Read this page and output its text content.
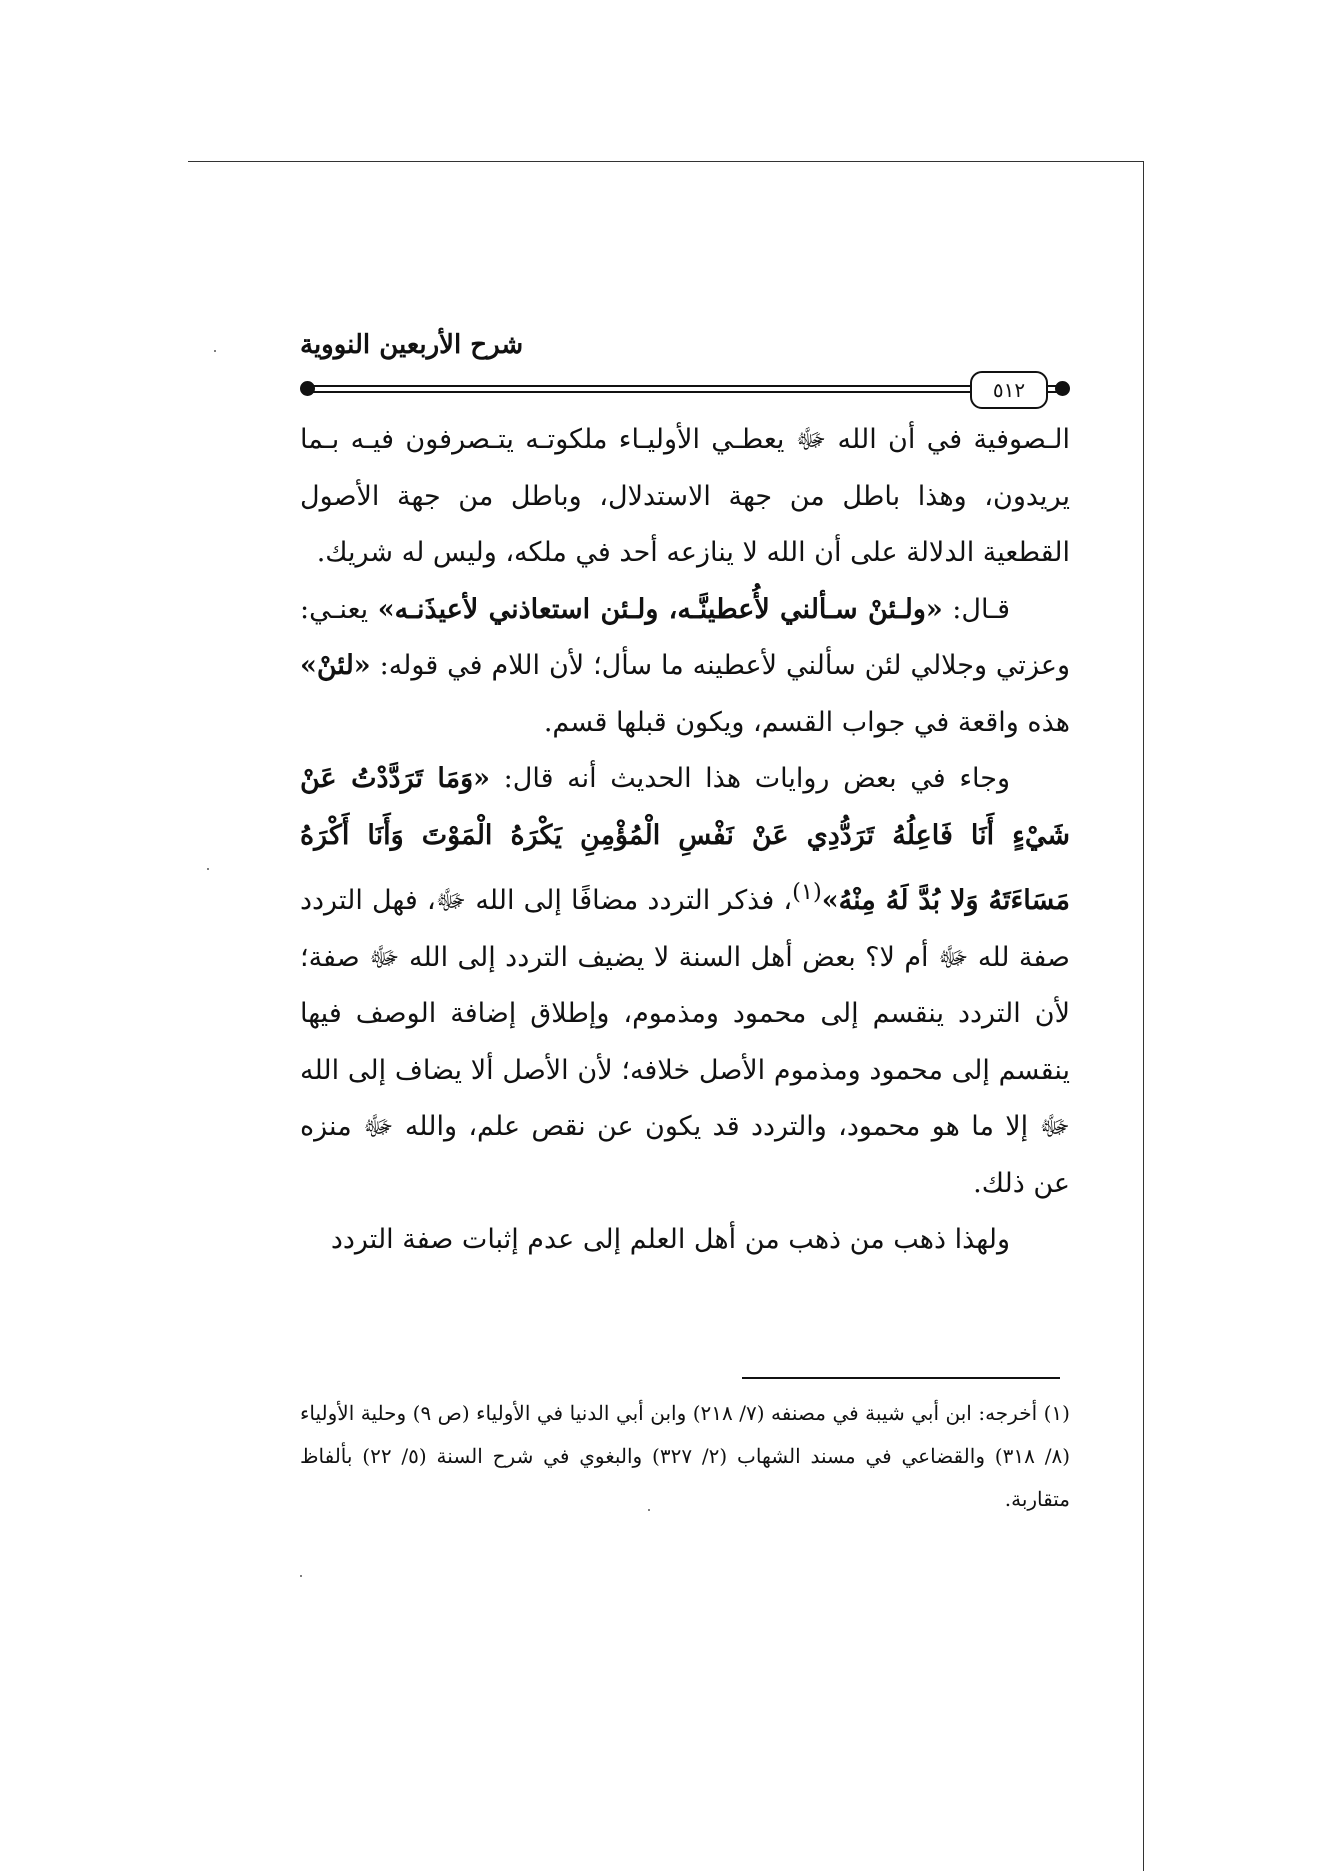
شرح الأربعين النووية
٥١٢

الـصوفية في أن الله ﷻ يعطـي الأوليـاء ملكوتـه يتـصرفون فيـه بـما يريدون، وهذا باطل من جهة الاستدلال، وباطل من جهة الأصول القطعية الدلالة على أن الله لا ينازعه أحد في ملكه، وليس له شريك.

قـال: «ولـئنْ سـألني لأُعطينَّـه، ولـئن استعاذني لأعيذَنـه» يعنـي: وعزتي وجلالي لئن سألني لأعطينه ما سأل؛ لأن اللام في قوله: «لئنْ» هذه واقعة في جواب القسم، ويكون قبلها قسم.

وجاء في بعض روايات هذا الحديث أنه قال: «وَمَا تَرَدَّدْتُ عَنْ شَيْءٍ أَنَا فَاعِلُهُ تَرَدُّدِي عَنْ نَفْسِ الْمُؤْمِنِ يَكْرَهُ الْمَوْتَ وَأَنَا أَكْرَهُ مَسَاءَتَهُ وَلا بُدَّ لَهُ مِنْهُ»$^{(١)}$، فذكر التردد مضافًا إلى الله ﷻ، فهل التردد صفة لله ﷻ أم لا؟ بعض أهل السنة لا يضيف التردد إلى الله ﷻ صفة؛ لأن التردد ينقسم إلى محمود ومذموم، وإطلاق إضافة الوصف فيها ينقسم إلى محمود ومذموم الأصل خلافه؛ لأن الأصل ألا يضاف إلى الله ﷻ إلا ما هو محمود، والتردد قد يكون عن نقص علم، والله ﷻ منزه عن ذلك.

ولهذا ذهب من ذهب من أهل العلم إلى عدم إثبات صفة التردد

(١) أخرجه: ابن أبي شيبة في مصنفه (٧/ ٢١٨) وابن أبي الدنيا في الأولياء (ص ٩) وحلية الأولياء (٨/ ٣١٨) والقضاعي في مسند الشهاب (٢/ ٣٢٧) والبغوي في شرح السنة (٥/ ٢٢) بألفاظ متقاربة.
